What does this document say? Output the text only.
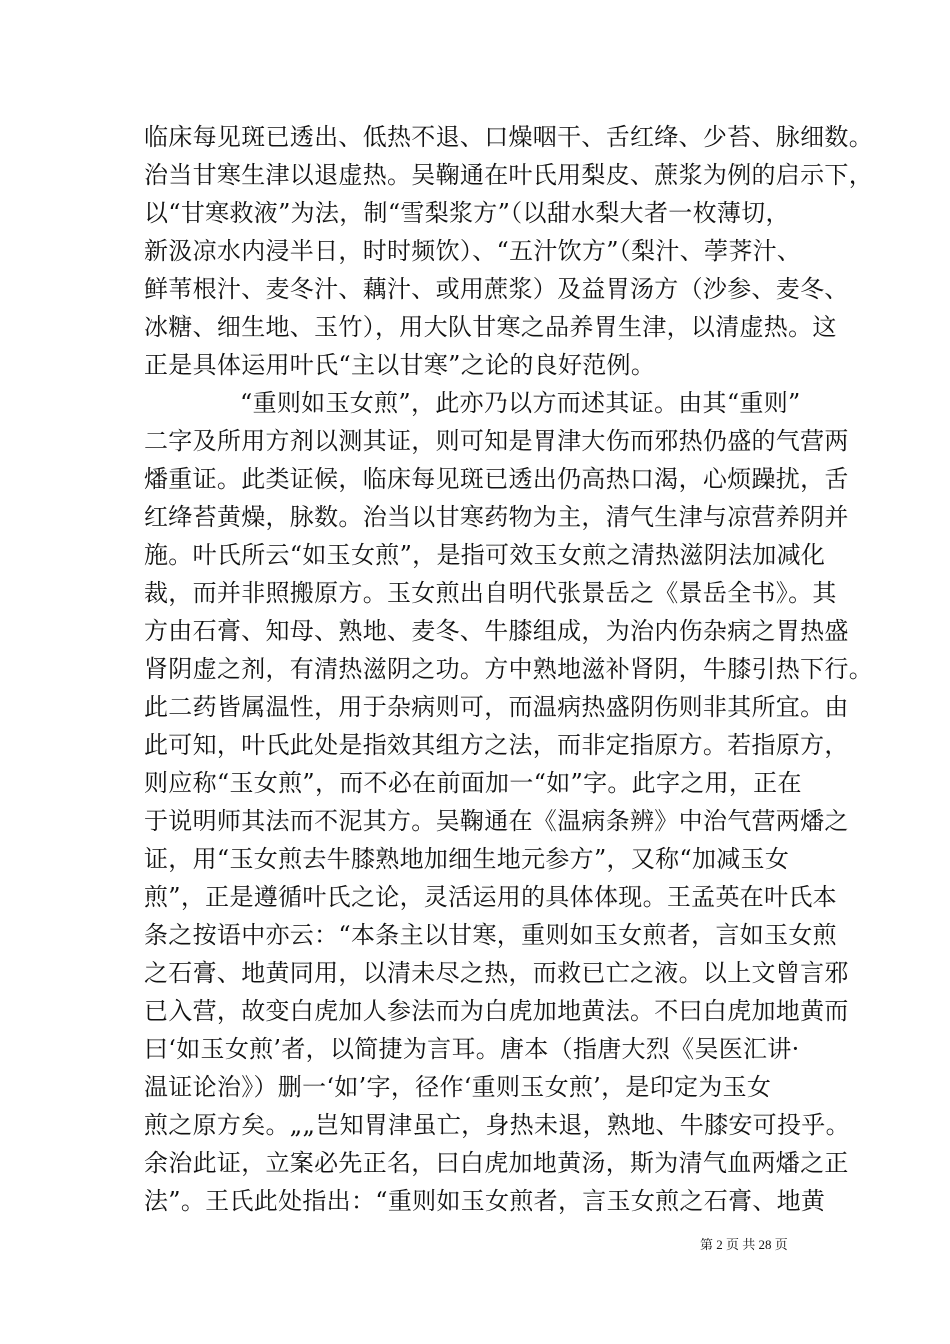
临床每见斑已透出、低热不退、口燥咽干、舌红绛、少苔、脉细数。
治当甘寒生津以退虚热。吴鞠通在叶氏用梨皮、蔗浆为例的启示下，
以“甘寒救液”为法，制“雪梨浆方”（以甜水梨大者一枚薄切，
新汲凉水内浸半日，时时频饮）、“五汁饮方”（梨汁、荸荠汁、
鲜苇根汁、麦冬汁、藕汁、或用蔗浆）及益胃汤方（沙参、麦冬、
冰糖、细生地、玉竹），用大队甘寒之品养胃生津，以清虚热。这
正是具体运用叶氏“主以甘寒”之论的良好范例。
“重则如玉女煎”，此亦乃以方而述其证。由其“重则”
二字及所用方剂以测其证，则可知是胃津大伤而邪热仍盛的气营两
燔重证。此类证候，临床每见斑已透出仍高热口渴，心烦躁扰，舌
红绛苔黄燥，脉数。治当以甘寒药物为主，清气生津与凉营养阴并
施。叶氏所云“如玉女煎”，是指可效玉女煎之清热滋阴法加减化
裁，而并非照搬原方。玉女煎出自明代张景岳之《景岳全书》。其
方由石膏、知母、熟地、麦冬、牛膝组成，为治内伤杂病之胃热盛
肾阴虚之剂，有清热滋阴之功。方中熟地滋补肾阴，牛膝引热下行。
此二药皆属温性，用于杂病则可，而温病热盛阴伤则非其所宜。由
此可知，叶氏此处是指效其组方之法，而非定指原方。若指原方，
则应称“玉女煎”，而不必在前面加一“如”字。此字之用，正在
于说明师其法而不泥其方。吴鞠通在《温病条辨》中治气营两燔之
证，用“玉女煎去牛膝熟地加细生地元参方”，又称“加减玉女
煎”，正是遵循叶氏之论，灵活运用的具体体现。王孟英在叶氏本
条之按语中亦云：“本条主以甘寒，重则如玉女煎者，言如玉女煎
之石膏、地黄同用，以清未尽之热，而救已亡之液。以上文曾言邪
已入营，故变白虎加人参法而为白虎加地黄法。不曰白虎加地黄而
曰‘如玉女煎’者，以简捷为言耳。唐本（指唐大烈《吴医汇讲·
温证论治》）删一‘如’字，径作‘重则玉女煎’，是印定为玉女
煎之原方矣。„„岂知胃津虽亡，身热未退，熟地、牛膝安可投乎。
余治此证，立案必先正名，曰白虎加地黄汤，斯为清气血两燔之正
法”。王氏此处指出：“重则如玉女煎者，言玉女煎之石膏、地黄
第 2 页 共 28 页
